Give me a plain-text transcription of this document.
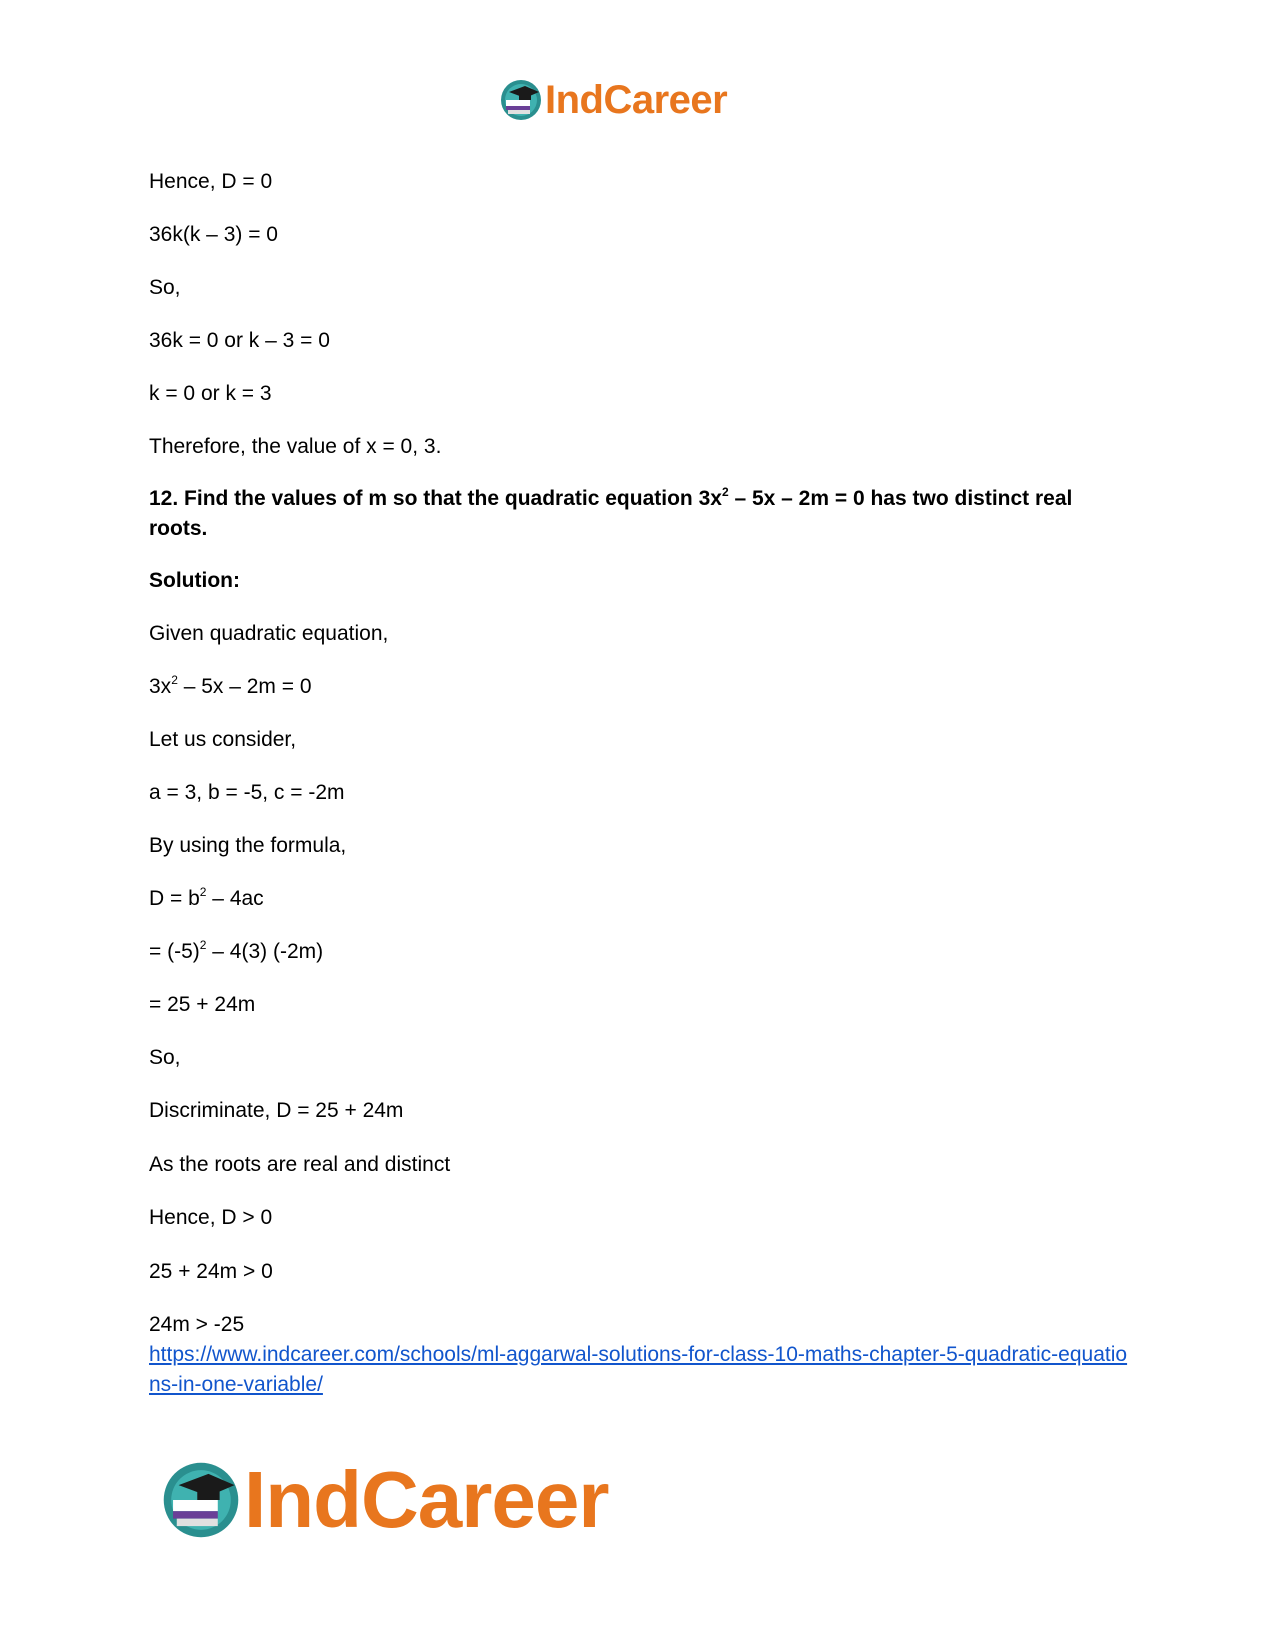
IndCareer
Hence, D = 0
36k(k – 3) = 0
So,
36k = 0 or k – 3 = 0
k = 0 or k = 3
Therefore, the value of x = 0, 3.
12. Find the values of m so that the quadratic equation $3x^2 - 5x - 2m = 0$ has two distinct real roots.
Solution:
Given quadratic equation,
$3x^2 - 5x - 2m = 0$
Let us consider,
a = 3, b = -5, c = -2m
By using the formula,
$D = b^2 - 4ac$
= $(-5)^2 - 4(3)$ (-2m)
= 25 + 24m
So,
Discriminate, D = 25 + 24m
As the roots are real and distinct
Hence, D > 0
25 + 24m > 0
24m > -25
https://www.indcareer.com/schools/ml-aggarwal-solutions-for-class-10-maths-chapter-5-quadratic-equations-in-one-variable/
IndCareer
